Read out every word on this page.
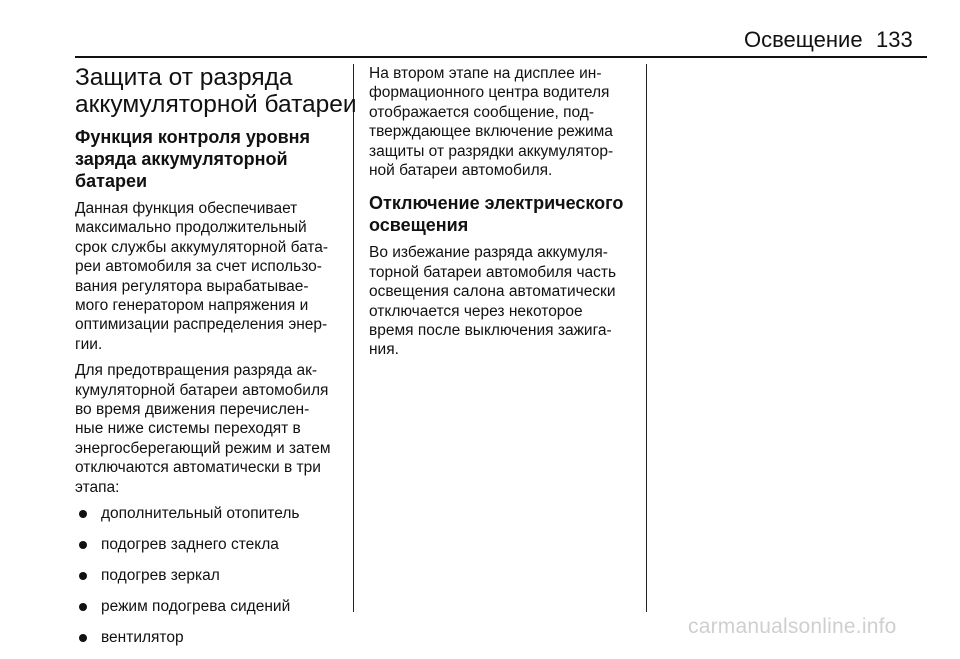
Освещение 133
Защита от разряда
аккумуляторной батареи
Функция контроля уровня
заряда аккумуляторной
батареи
Данная функция обеспечивает
максимально продолжительный
срок службы аккумуляторной бата-
реи автомобиля за счет использо-
вания регулятора вырабатывае-
мого генератором напряжения и
оптимизации распределения энер-
гии.
Для предотвращения разряда ак-
кумуляторной батареи автомобиля
во время движения перечислен-
ные ниже системы переходят в
энергосберегающий режим и затем
отключаются автоматически в три
этапа:
дополнительный отопитель
подогрев заднего стекла
подогрев зеркал
режим подогрева сидений
вентилятор
На втором этапе на дисплее ин-
формационного центра водителя
отображается сообщение, под-
тверждающее включение режима
защиты от разрядки аккумулятор-
ной батареи автомобиля.
Отключение электрического
освещения
Во избежание разряда аккумуля-
торной батареи автомобиля часть
освещения салона автоматически
отключается через некоторое
время после выключения зажига-
ния.
carmanualsonline.info
